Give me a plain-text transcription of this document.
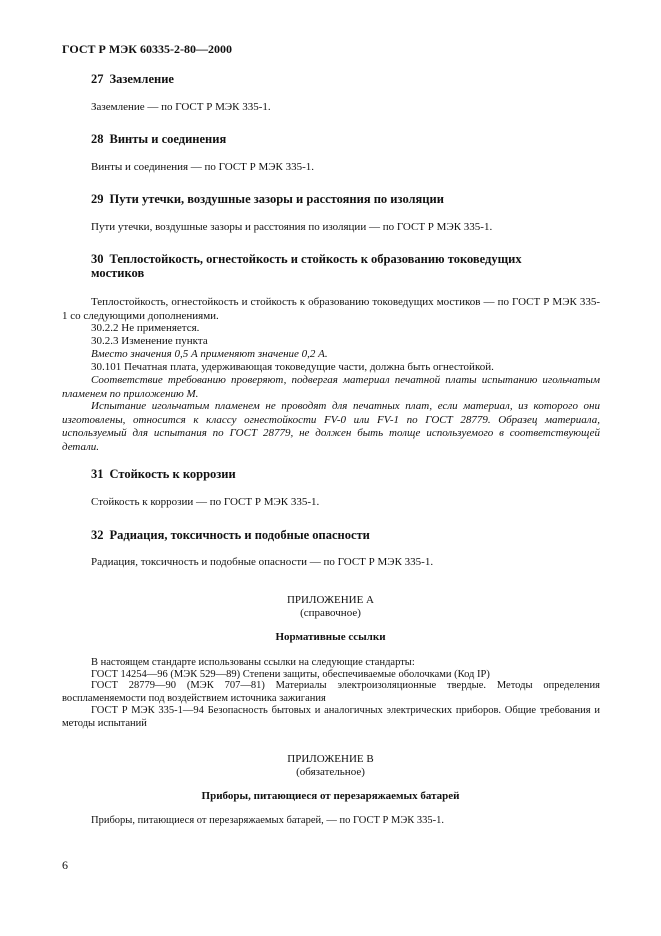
ГОСТ Р МЭК 60335-2-80—2000
27 Заземление
Заземление — по ГОСТ Р МЭК 335-1.
28 Винты и соединения
Винты и соединения — по ГОСТ Р МЭК 335-1.
29 Пути утечки, воздушные зазоры и расстояния по изоляции
Пути утечки, воздушные зазоры и расстояния по изоляции — по ГОСТ Р МЭК 335-1.
30 Теплостойкость, огнестойкость и стойкость к образованию токоведущих
мостиков
Теплостойкость, огнестойкость и стойкость к образованию токоведущих мостиков — по ГОСТ Р МЭК 335-1 со следующими дополнениями.
30.2.2 Не применяется.
30.2.3 Изменение пункта
Вместо значения 0,5 А применяют значение 0,2 А.
30.101 Печатная плата, удерживающая токоведущие части, должна быть огнестойкой.
Соответствие требованию проверяют, подвергая материал печатной платы испытанию игольчатым пламенем по приложению М.
Испытание игольчатым пламенем не проводят для печатных плат, если материал, из которого они изготовлены, относится к классу огнестойкости FV-0 или FV-1 по ГОСТ 28779. Образец материала, используемый для испытания по ГОСТ 28779, не должен быть толще используемого в соответствующей детали.
31 Стойкость к коррозии
Стойкость к коррозии — по ГОСТ Р МЭК 335-1.
32 Радиация, токсичность и подобные опасности
Радиация, токсичность и подобные опасности — по ГОСТ Р МЭК 335-1.
ПРИЛОЖЕНИЕ А
(справочное)
Нормативные ссылки
В настоящем стандарте использованы ссылки на следующие стандарты:
ГОСТ 14254—96 (МЭК 529—89) Степени защиты, обеспечиваемые оболочками (Код IP)
ГОСТ 28779—90 (МЭК 707—81) Материалы электроизоляционные твердые. Методы определения воспламеняемости под воздействием источника зажигания
ГОСТ Р МЭК 335-1—94 Безопасность бытовых и аналогичных электрических приборов. Общие требования и методы испытаний
ПРИЛОЖЕНИЕ В
(обязательное)
Приборы, питающиеся от перезаряжаемых батарей
Приборы, питающиеся от перезаряжаемых батарей, — по ГОСТ Р МЭК 335-1.
6
